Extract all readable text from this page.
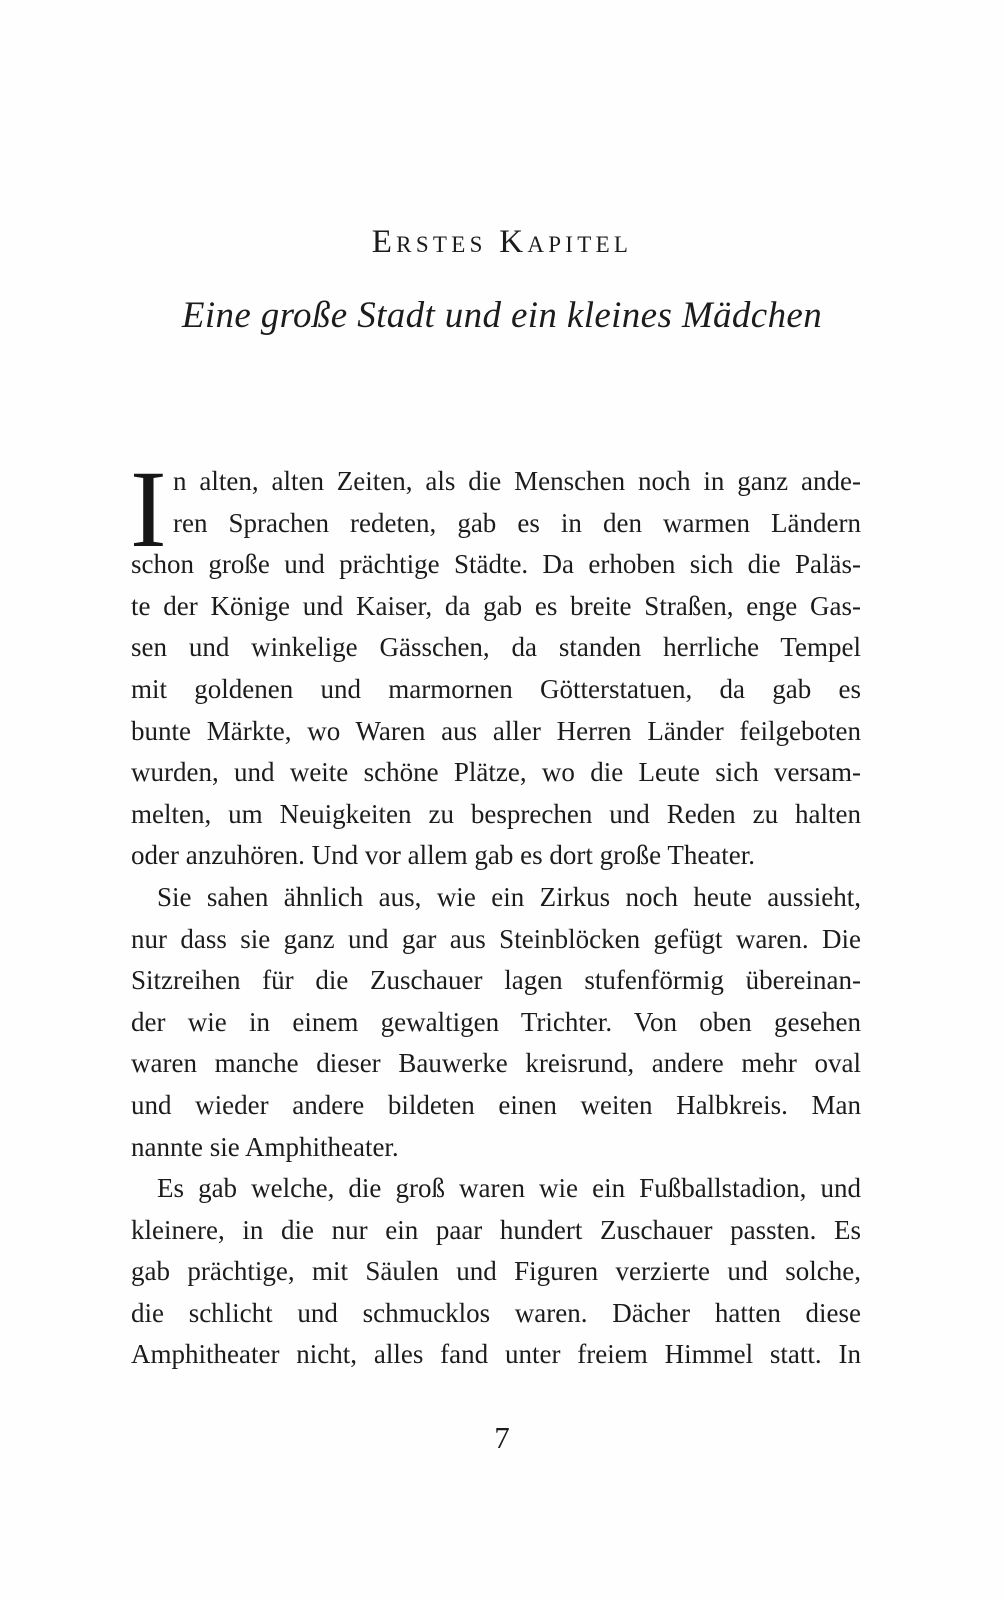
Erstes Kapitel
Eine große Stadt und ein kleines Mädchen
I n alten, alten Zeiten, als die Menschen noch in ganz ande-
ren Sprachen redeten, gab es in den warmen Ländern
schon große und prächtige Städte. Da erhoben sich die Paläs-
te der Könige und Kaiser, da gab es breite Straßen, enge Gas-
sen und winkelige Gässchen, da standen herrliche Tempel
mit goldenen und marmornen Götterstatuen, da gab es
bunte Märkte, wo Waren aus aller Herren Länder feilgeboten
wurden, und weite schöne Plätze, wo die Leute sich versam-
melten, um Neuigkeiten zu besprechen und Reden zu halten
oder anzuhören. Und vor allem gab es dort große Theater.
Sie sahen ähnlich aus, wie ein Zirkus noch heute aussieht,
nur dass sie ganz und gar aus Steinblöcken gefügt waren. Die
Sitzreihen für die Zuschauer lagen stufenförmig übereinan-
der wie in einem gewaltigen Trichter. Von oben gesehen
waren manche dieser Bauwerke kreisrund, andere mehr oval
und wieder andere bildeten einen weiten Halbkreis. Man
nannte sie Amphitheater.
Es gab welche, die groß waren wie ein Fußballstadion, und
kleinere, in die nur ein paar hundert Zuschauer passten. Es
gab prächtige, mit Säulen und Figuren verzierte und solche,
die schlicht und schmucklos waren. Dächer hatten diese
Amphitheater nicht, alles fand unter freiem Himmel statt. In
7
